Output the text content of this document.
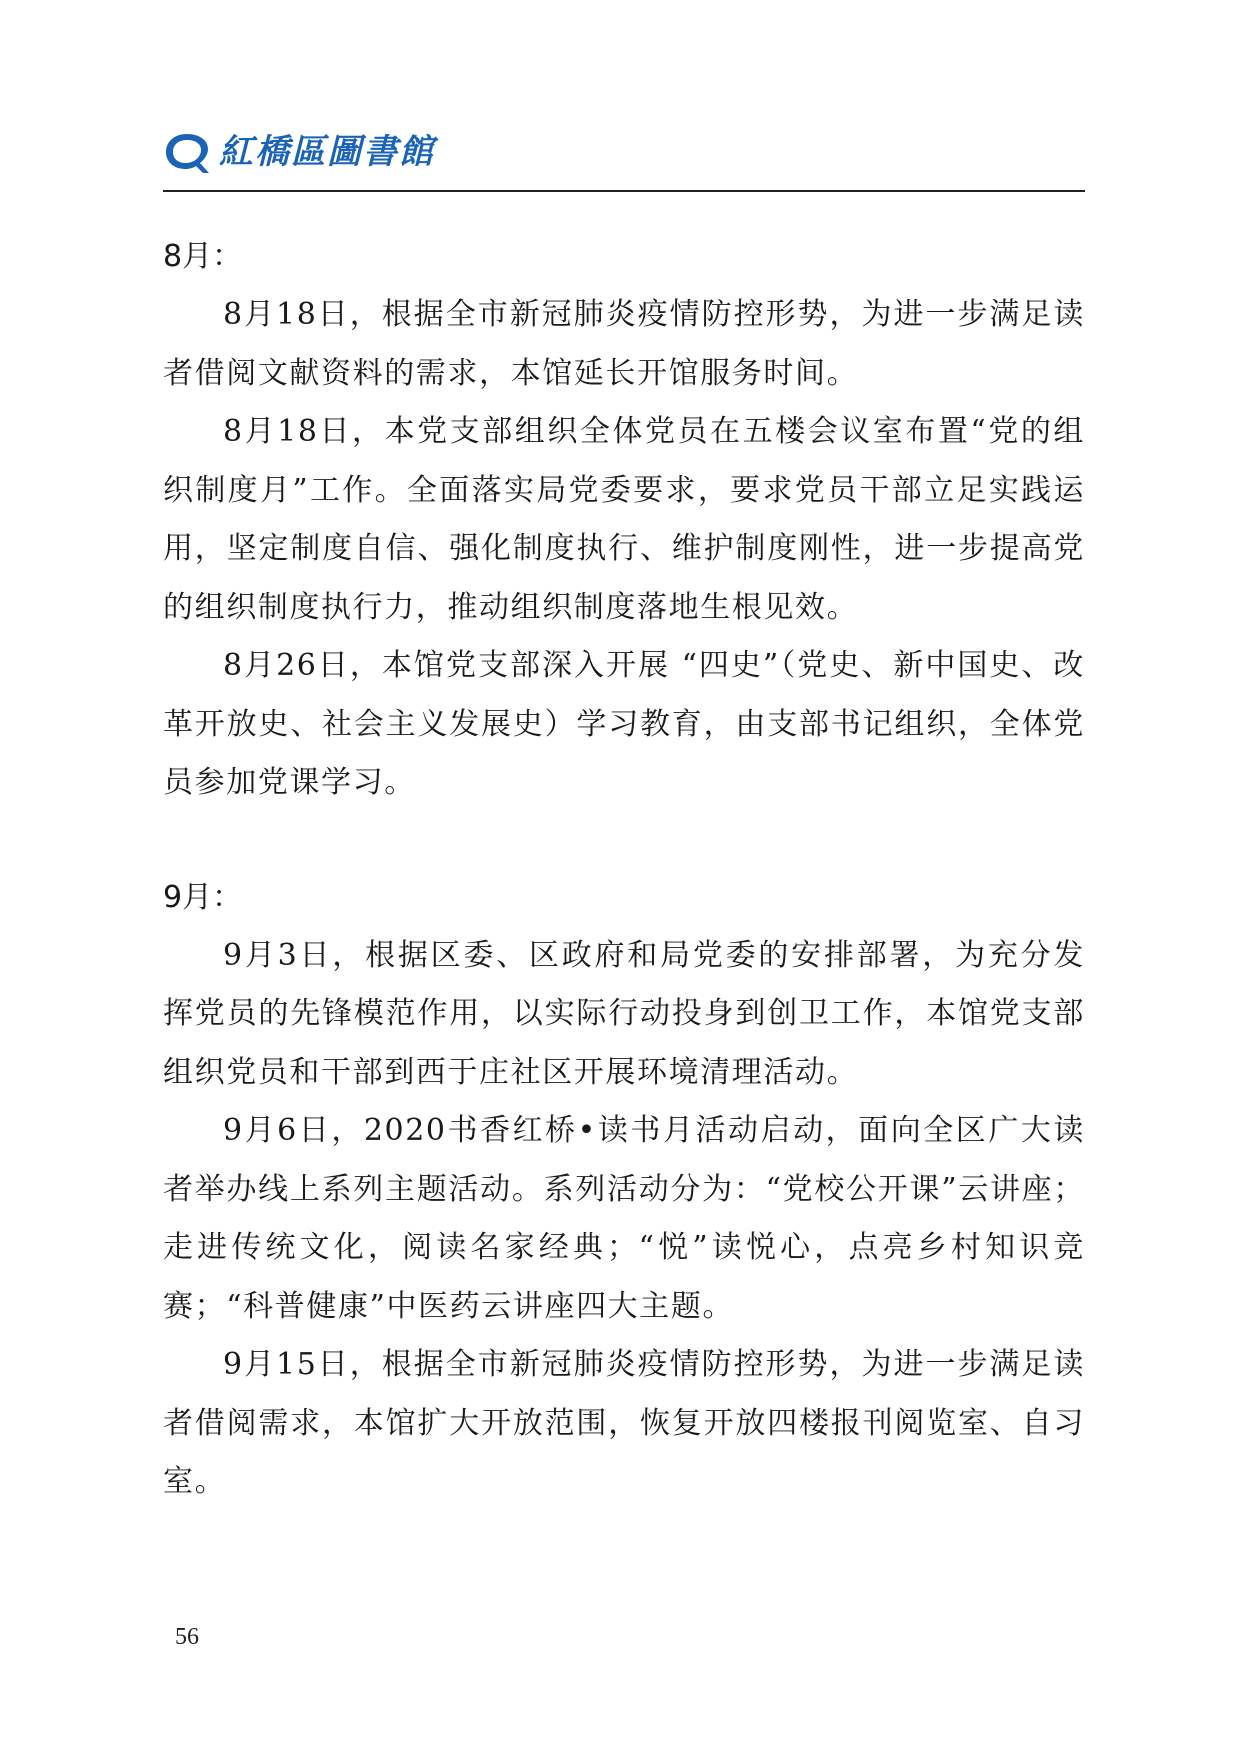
紅橋區圖書館
8月：

8月18日，根据全市新冠肺炎疫情防控形势，为进一步满足读者借阅文献资料的需求，本馆延长开馆服务时间。

8月18日，本党支部组织全体党员在五楼会议室布置“党的组织制度月”工作。全面落实局党委要求，要求党员干部立足实践运用，坚定制度自信、强化制度执行、维护制度刚性，进一步提高党的组织制度执行力，推动组织制度落地生根见效。

8月26日，本馆党支部深入开展 “四史”（党史、新中国史、改革开放史、社会主义发展史）学习教育，由支部书记组织，全体党员参加党课学习。

9月：

9月3日，根据区委、区政府和局党委的安排部署，为充分发挥党员的先锋模范作用，以实际行动投身到创卫工作，本馆党支部组织党员和干部到西于庄社区开展环境清理活动。

9月6日，2020书香红桥•读书月活动启动，面向全区广大读者举办线上系列主题活动。系列活动分为：“党校公开课”云讲座；走进传统文化，阅读名家经典；“悦”读悦心，点亮乡村知识竞赛；“科普健康”中医药云讲座四大主题。

9月15日，根据全市新冠肺炎疫情防控形势，为进一步满足读者借阅需求，本馆扩大开放范围，恢复开放四楼报刊阅览室、自习室。

56
